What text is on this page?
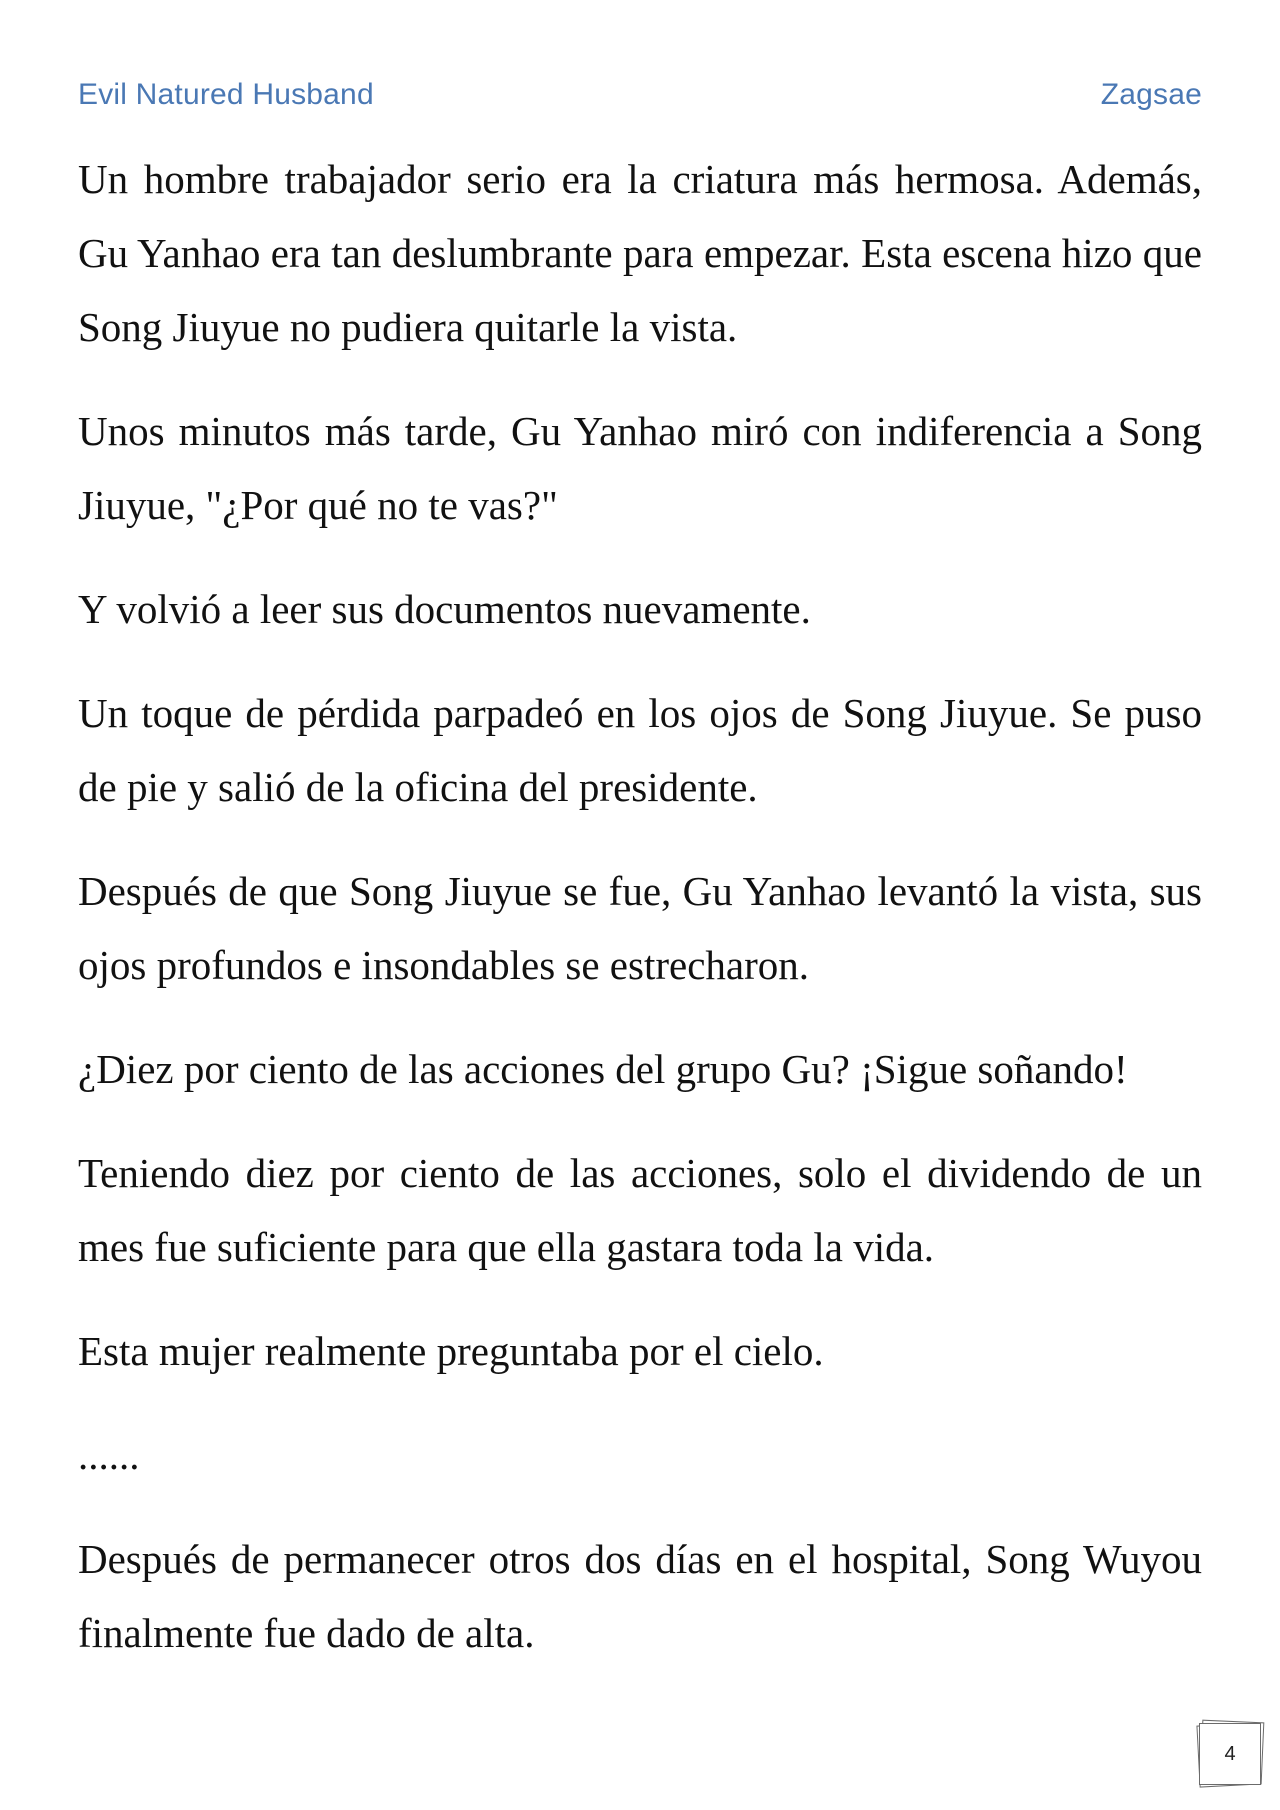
Evil Natured Husband	Zagsae

Un hombre trabajador serio era la criatura más hermosa. Además, Gu Yanhao era tan deslumbrante para empezar. Esta escena hizo que Song Jiuyue no pudiera quitarle la vista.

Unos minutos más tarde, Gu Yanhao miró con indiferencia a Song Jiuyue, "¿Por qué no te vas?"

Y volvió a leer sus documentos nuevamente.

Un toque de pérdida parpadeó en los ojos de Song Jiuyue. Se puso de pie y salió de la oficina del presidente.

Después de que Song Jiuyue se fue, Gu Yanhao levantó la vista, sus ojos profundos e insondables se estrecharon.

¿Diez por ciento de las acciones del grupo Gu? ¡Sigue soñando!

Teniendo diez por ciento de las acciones, solo el dividendo de un mes fue suficiente para que ella gastara toda la vida.

Esta mujer realmente preguntaba por el cielo.

......

Después de permanecer otros dos días en el hospital, Song Wuyou finalmente fue dado de alta.

4
